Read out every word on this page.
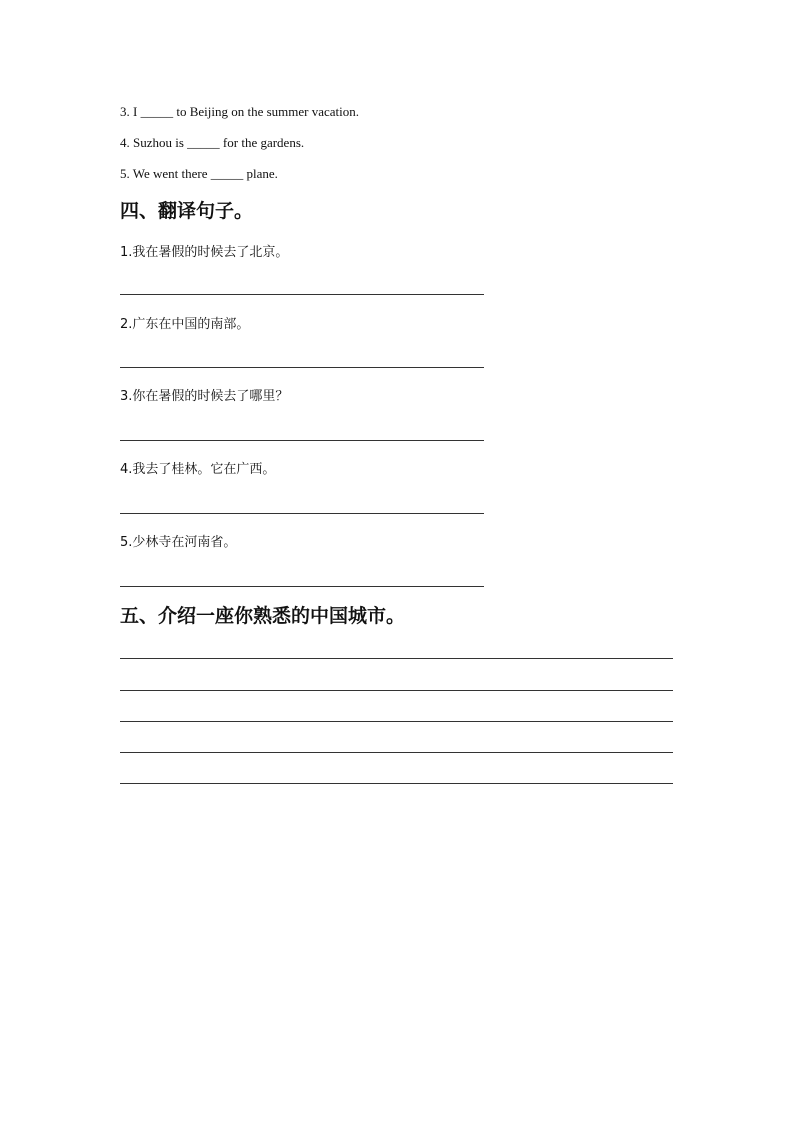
3. I _____ to Beijing on the summer vacation.
4. Suzhou is _____ for the gardens.
5. We went there _____ plane.
四、翻译句子。
1.我在暑假的时候去了北京。
2.广东在中国的南部。
3.你在暑假的时候去了哪里？
4.我去了桂林。它在广西。
5.少林寺在河南省。
五、介绍一座你熟悉的中国城市。
